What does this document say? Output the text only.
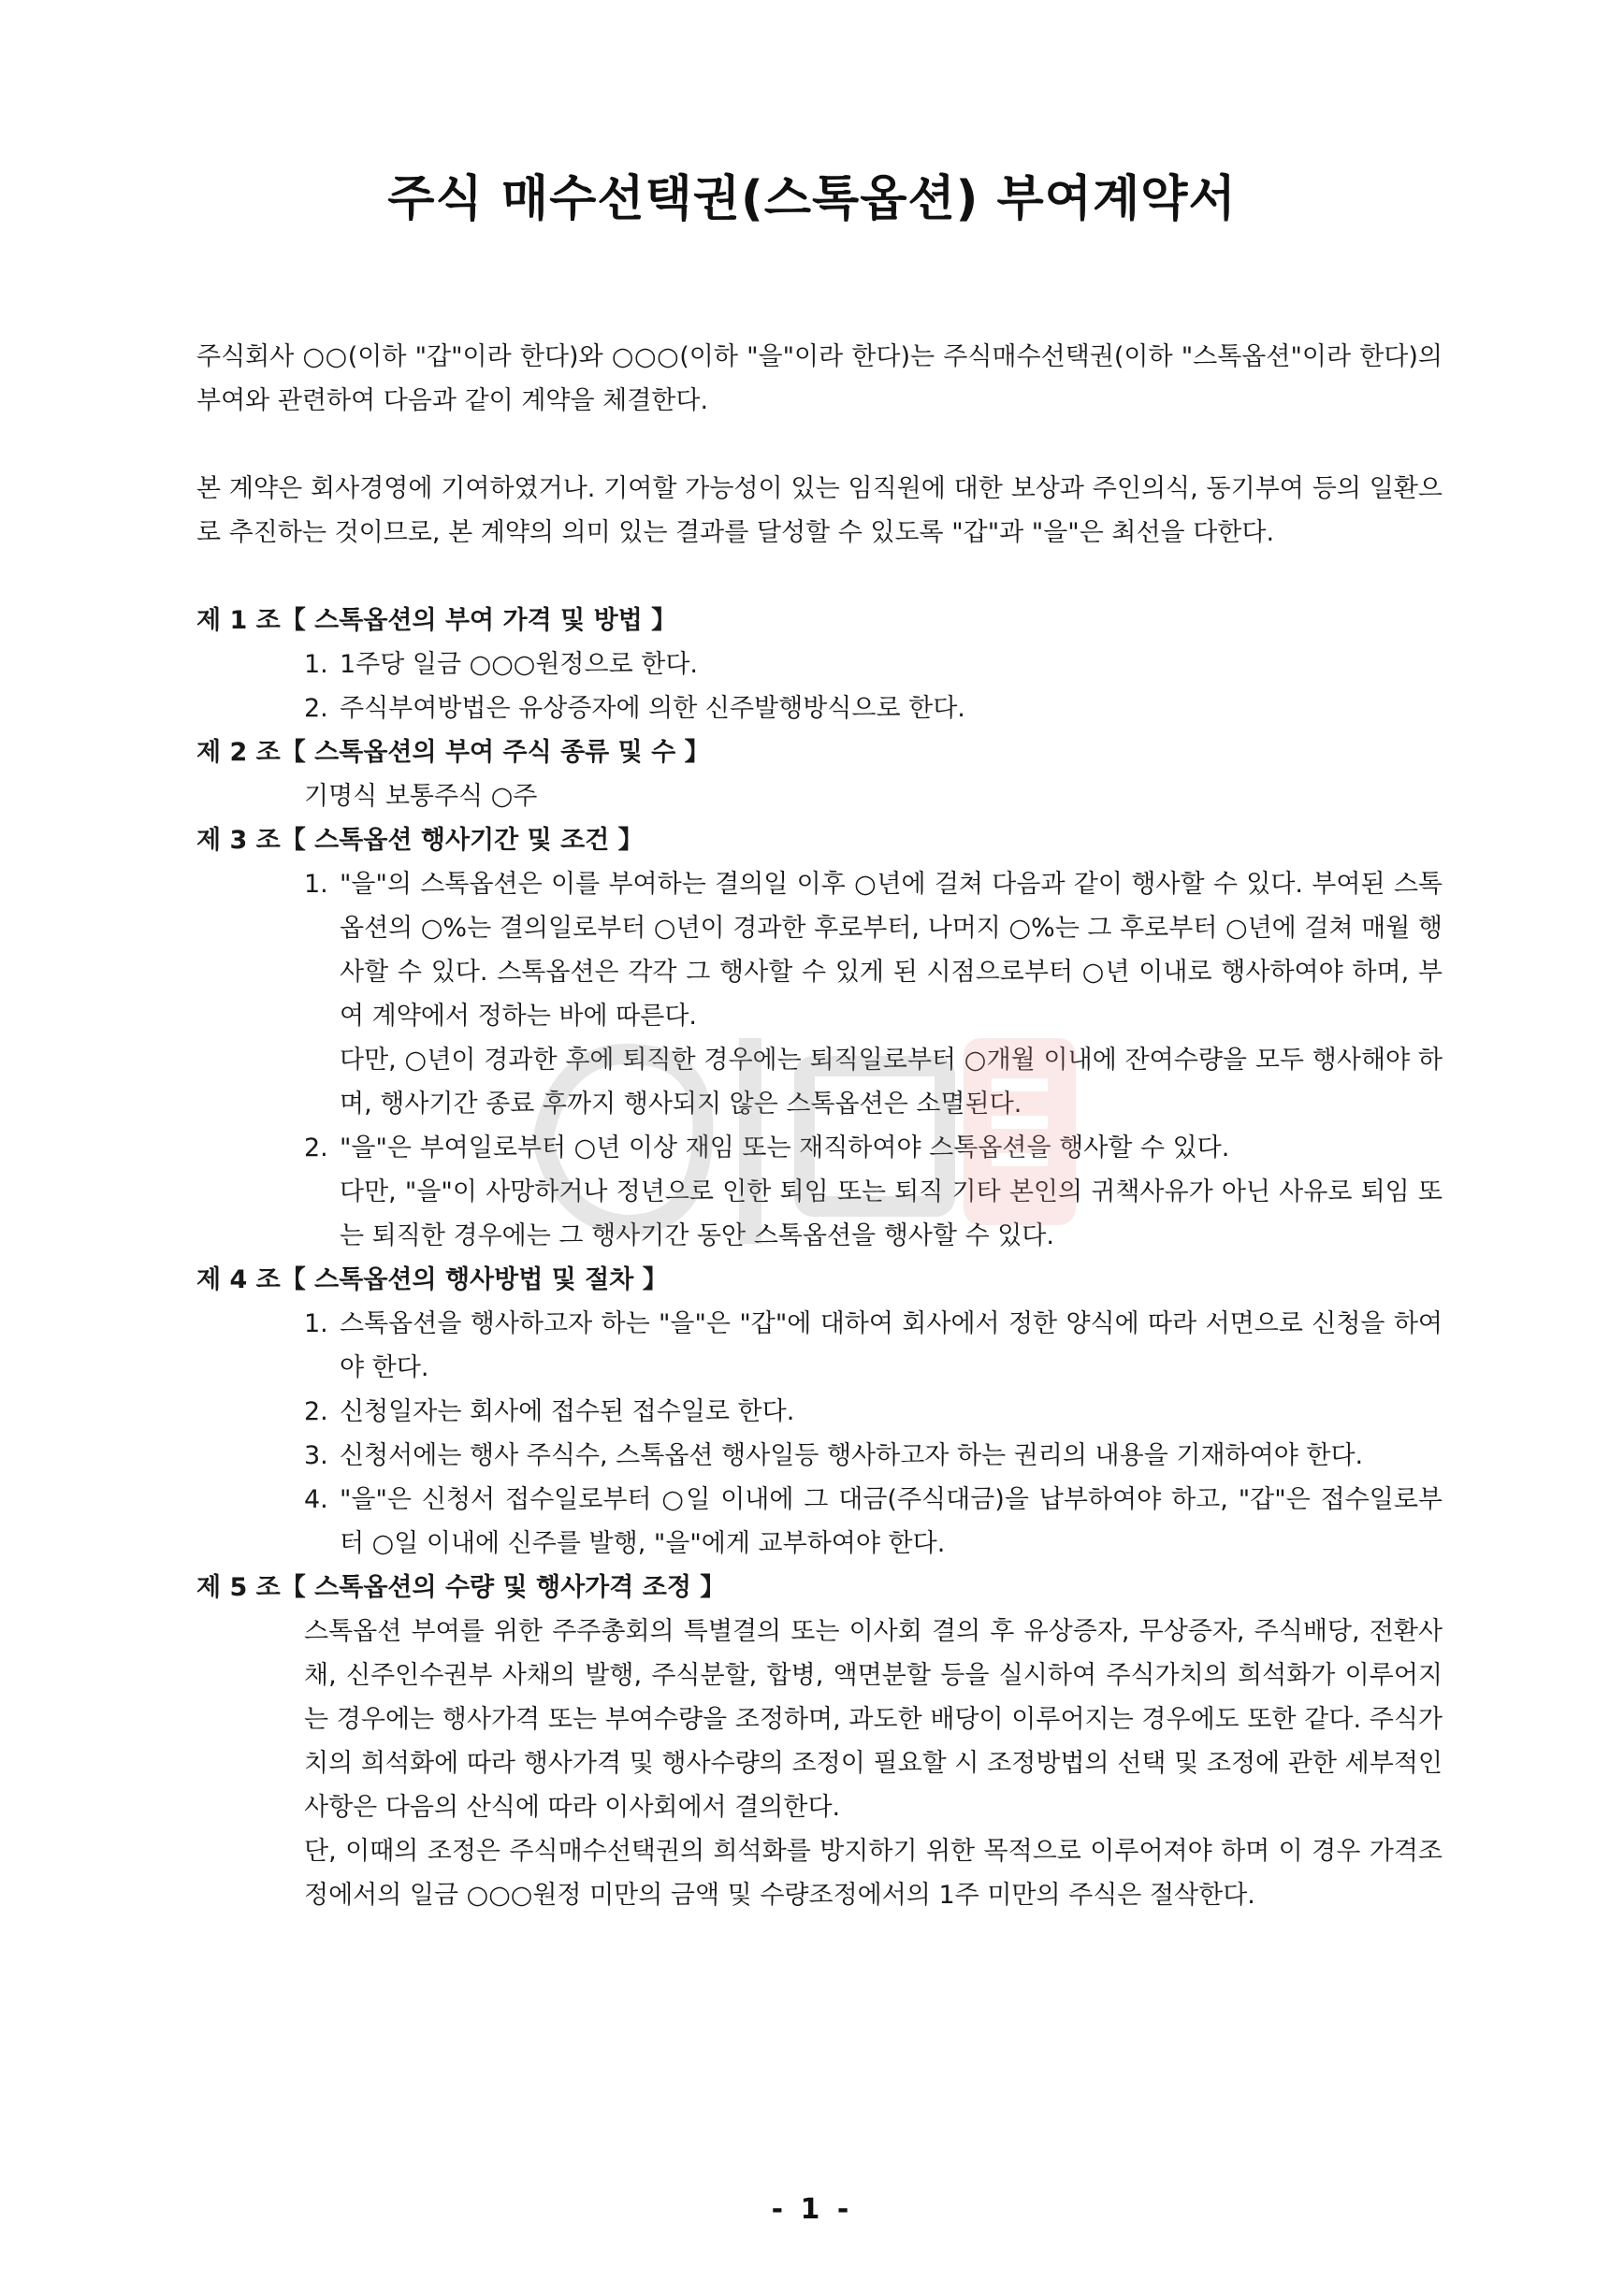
주식 매수선택권(스톡옵션) 부여계약서

주식회사 ○○(이하 "갑"이라 한다)와 ○○○(이하 "을"이라 한다)는 주식매수선택권(이하 "스톡옵션"이라 한다)의 부여와 관련하여 다음과 같이 계약을 체결한다.

본 계약은 회사경영에 기여하였거나. 기여할 가능성이 있는 임직원에 대한 보상과 주인의식, 동기부여 등의 일환으로 추진하는 것이므로, 본 계약의 의미 있는 결과를 달성할 수 있도록 "갑"과 "을"은 최선을 다한다.

제 1 조【 스톡옵션의 부여 가격 및 방법 】

1. 1주당 일금 ○○○원정으로 한다.

2. 주식부여방법은 유상증자에 의한 신주발행방식으로 한다.

제 2 조【 스톡옵션의 부여 주식 종류 및 수 】

기명식 보통주식 ○주

제 3 조【 스톡옵션 행사기간 및 조건 】

1. "을"의 스톡옵션은 이를 부여하는 결의일 이후 ○년에 걸쳐 다음과 같이 행사할 수 있다. 부여된 스톡옵션의 ○%는 결의일로부터 ○년이 경과한 후로부터, 나머지 ○%는 그 후로부터 ○년에 걸쳐 매월 행사할 수 있다. 스톡옵션은 각각 그 행사할 수 있게 된 시점으로부터 ○년 이내로 행사하여야 하며, 부여 계약에서 정하는 바에 따른다.

다만, ○년이 경과한 후에 퇴직한 경우에는 퇴직일로부터 ○개월 이내에 잔여수량을 모두 행사해야 하며, 행사기간 종료 후까지 행사되지 않은 스톡옵션은 소멸된다.

2. "을"은 부여일로부터 ○년 이상 재임 또는 재직하여야 스톡옵션을 행사할 수 있다.

다만, "을"이 사망하거나 정년으로 인한 퇴임 또는 퇴직 기타 본인의 귀책사유가 아닌 사유로 퇴임 또는 퇴직한 경우에는 그 행사기간 동안 스톡옵션을 행사할 수 있다.

제 4 조【 스톡옵션의 행사방법 및 절차 】

1. 스톡옵션을 행사하고자 하는 "을"은 "갑"에 대하여 회사에서 정한 양식에 따라 서면으로 신청을 하여야 한다.

2. 신청일자는 회사에 접수된 접수일로 한다.

3. 신청서에는 행사 주식수, 스톡옵션 행사일등 행사하고자 하는 권리의 내용을 기재하여야 한다.

4. "을"은 신청서 접수일로부터 ○일 이내에 그 대금(주식대금)을 납부하여야 하고, "갑"은 접수일로부터 ○일 이내에 신주를 발행, "을"에게 교부하여야 한다.

제 5 조【 스톡옵션의 수량 및 행사가격 조정 】

스톡옵션 부여를 위한 주주총회의 특별결의 또는 이사회 결의 후 유상증자, 무상증자, 주식배당, 전환사채, 신주인수권부 사채의 발행, 주식분할, 합병, 액면분할 등을 실시하여 주식가치의 희석화가 이루어지는 경우에는 행사가격 또는 부여수량을 조정하며, 과도한 배당이 이루어지는 경우에도 또한 같다. 주식가치의 희석화에 따라 행사가격 및 행사수량의 조정이 필요할 시 조정방법의 선택 및 조정에 관한 세부적인 사항은 다음의 산식에 따라 이사회에서 결의한다.

단, 이때의 조정은 주식매수선택권의 희석화를 방지하기 위한 목적으로 이루어져야 하며 이 경우 가격조정에서의 일금 ○○○원정 미만의 금액 및 수량조정에서의 1주 미만의 주식은 절삭한다.

- 1 -
